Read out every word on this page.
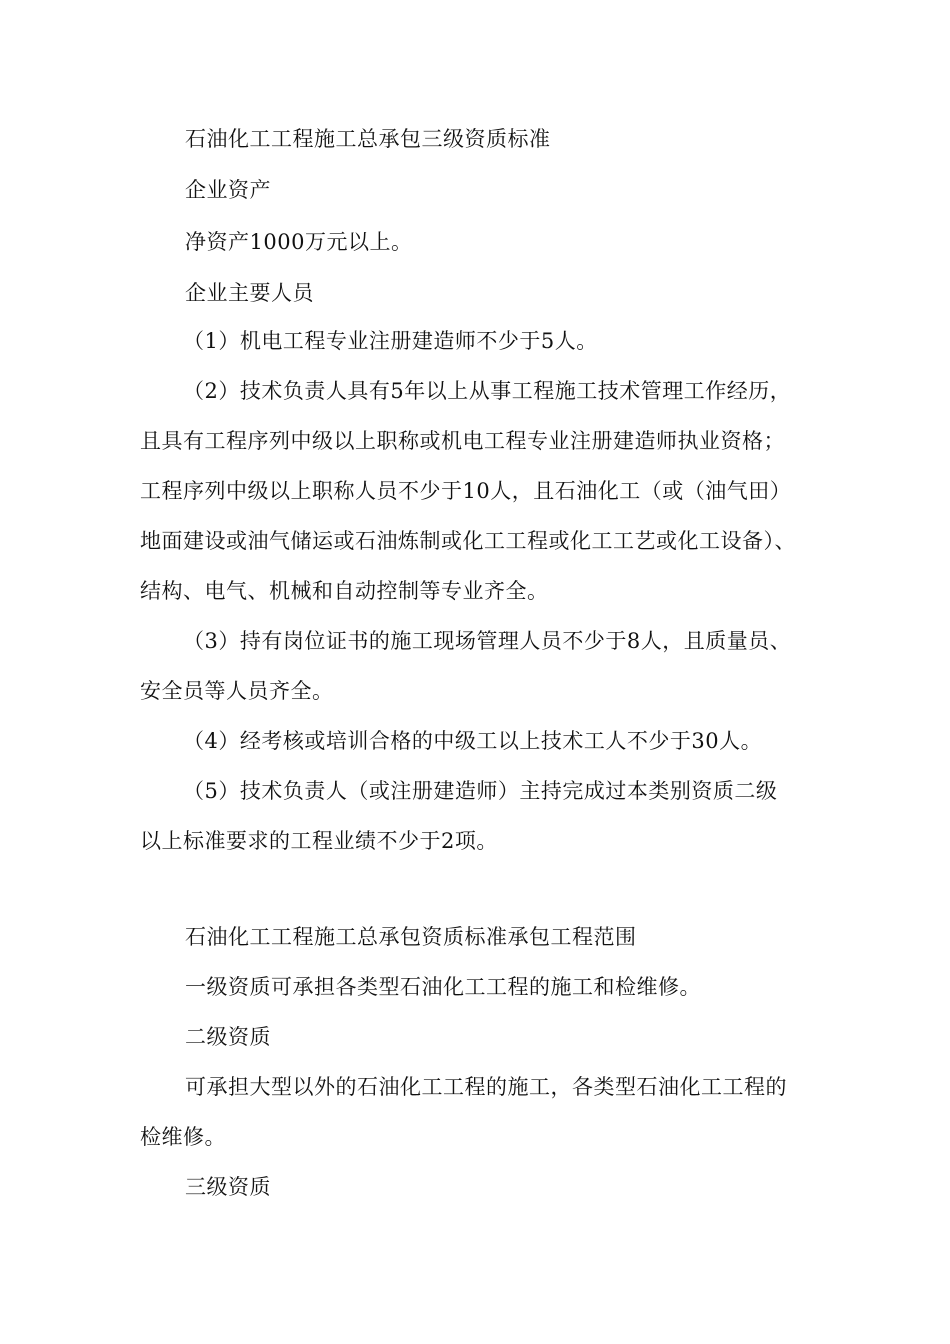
石油化工工程施工总承包三级资质标准
企业资产
净资产1000万元以上。
企业主要人员
（1）机电工程专业注册建造师不少于5人。
（2）技术负责人具有5年以上从事工程施工技术管理工作经历，
且具有工程序列中级以上职称或机电工程专业注册建造师执业资格；
工程序列中级以上职称人员不少于10人，且石油化工（或（油气田）
地面建设或油气储运或石油炼制或化工工程或化工工艺或化工设备）、
结构、电气、机械和自动控制等专业齐全。
（3）持有岗位证书的施工现场管理人员不少于8人，且质量员、
安全员等人员齐全。
（4）经考核或培训合格的中级工以上技术工人不少于30人。
（5）技术负责人（或注册建造师）主持完成过本类别资质二级
以上标准要求的工程业绩不少于2项。
石油化工工程施工总承包资质标准承包工程范围
一级资质可承担各类型石油化工工程的施工和检维修。
二级资质
可承担大型以外的石油化工工程的施工，各类型石油化工工程的
检维修。
三级资质
